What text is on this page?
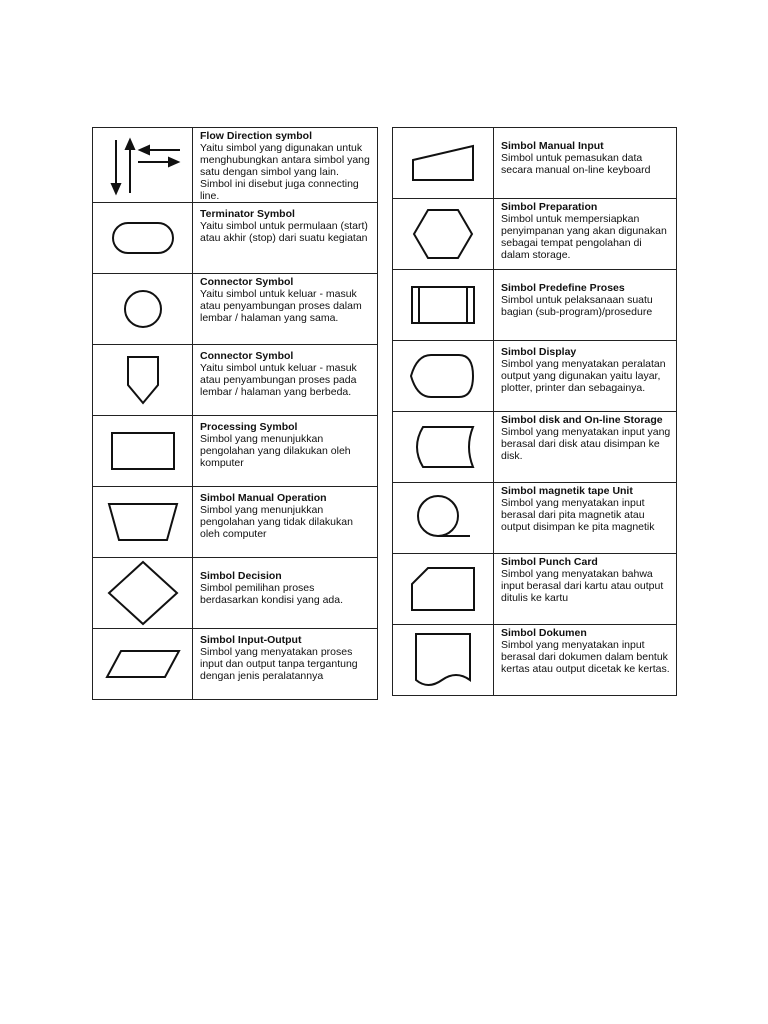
Flow Direction symbol
Yaitu simbol yang digunakan untuk menghubungkan antara simbol yang satu dengan simbol yang lain. Simbol ini disebut juga connecting line.

Terminator Symbol
Yaitu simbol untuk permulaan (start) atau akhir (stop) dari suatu kegiatan

Connector Symbol
Yaitu simbol untuk keluar - masuk atau penyambungan proses dalam lembar / halaman yang sama.

Connector Symbol
Yaitu simbol untuk keluar - masuk atau penyambungan proses pada lembar / halaman yang berbeda.

Processing Symbol
Simbol yang menunjukkan pengolahan yang dilakukan oleh komputer

Simbol Manual Operation
Simbol yang menunjukkan pengolahan yang tidak dilakukan oleh computer

Simbol Decision
Simbol pemilihan proses berdasarkan kondisi yang ada.

Simbol Input-Output
Simbol yang menyatakan proses input dan output tanpa tergantung dengan jenis peralatannya

Simbol Manual Input
Simbol untuk pemasukan data secara manual on-line keyboard

Simbol Preparation
Simbol untuk mempersiapkan penyimpanan yang akan digunakan sebagai tempat pengolahan di dalam storage.

Simbol Predefine Proses
Simbol untuk pelaksanaan suatu bagian (sub-program)/prosedure

Simbol Display
Simbol yang menyatakan peralatan output yang digunakan yaitu layar, plotter, printer dan sebagainya.

Simbol disk and On-line Storage
Simbol yang menyatakan input yang berasal dari disk atau disimpan ke disk.

Simbol magnetik tape Unit
Simbol yang menyatakan input berasal dari pita magnetik atau output disimpan ke pita magnetik

Simbol Punch Card
Simbol yang menyatakan bahwa input berasal dari kartu atau output ditulis ke kartu

Simbol Dokumen
Simbol yang menyatakan input berasal dari dokumen dalam bentuk kertas atau output dicetak ke kertas.
